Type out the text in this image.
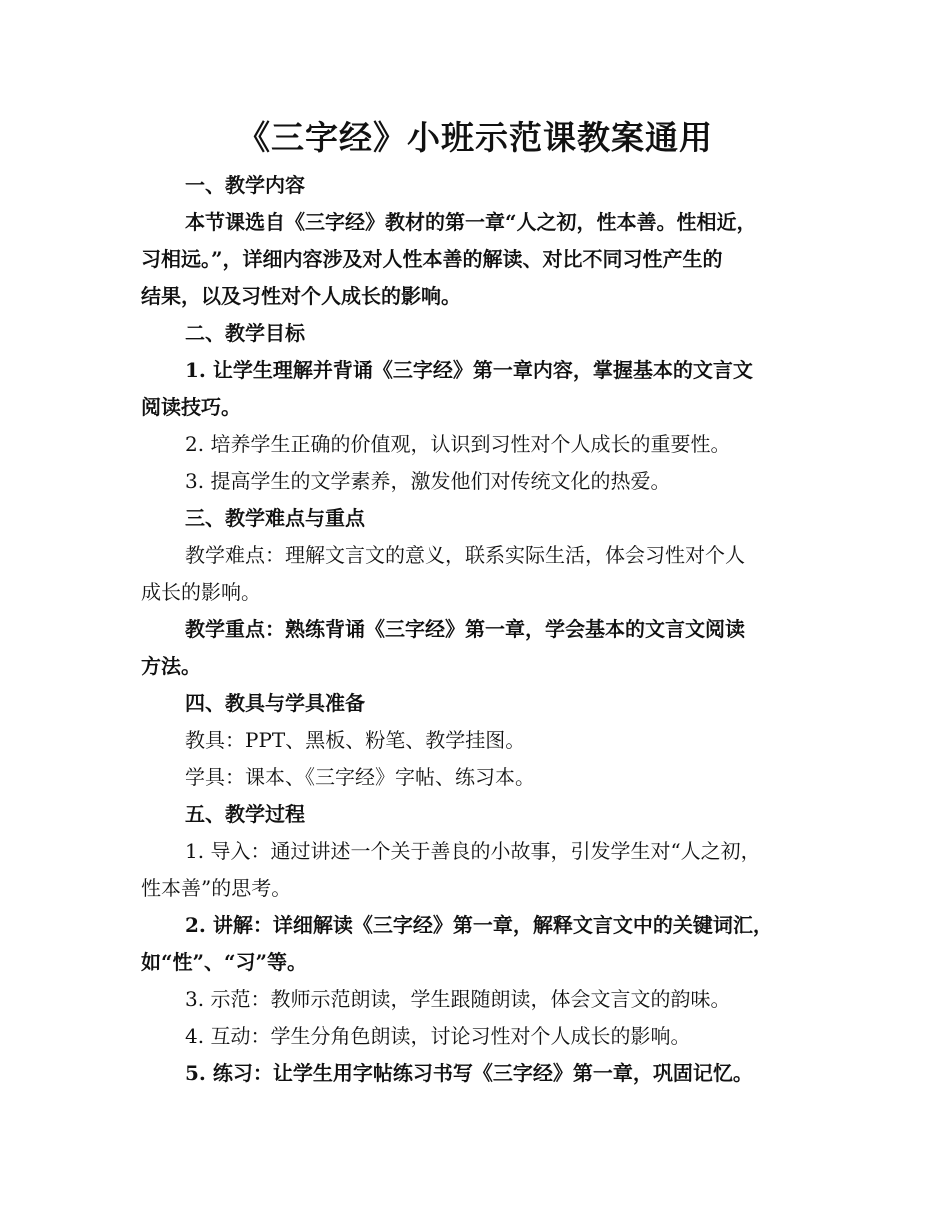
《三字经》小班示范课教案通用
一、教学内容
本节课选自《三字经》教材的第一章“人之初，性本善。性相近，
习相远。”，详细内容涉及对人性本善的解读、对比不同习性产生的
结果，以及习性对个人成长的影响。
二、教学目标
1. 让学生理解并背诵《三字经》第一章内容，掌握基本的文言文
阅读技巧。
2. 培养学生正确的价值观，认识到习性对个人成长的重要性。
3. 提高学生的文学素养，激发他们对传统文化的热爱。
三、教学难点与重点
教学难点：理解文言文的意义，联系实际生活，体会习性对个人
成长的影响。
教学重点：熟练背诵《三字经》第一章，学会基本的文言文阅读
方法。
四、教具与学具准备
教具：PPT、黑板、粉笔、教学挂图。
学具：课本、《三字经》字帖、练习本。
五、教学过程
1. 导入：通过讲述一个关于善良的小故事，引发学生对“人之初，
性本善”的思考。
2. 讲解：详细解读《三字经》第一章，解释文言文中的关键词汇，
如“性”、“习”等。
3. 示范：教师示范朗读，学生跟随朗读，体会文言文的韵味。
4. 互动：学生分角色朗读，讨论习性对个人成长的影响。
5. 练习：让学生用字帖练习书写《三字经》第一章，巩固记忆。
